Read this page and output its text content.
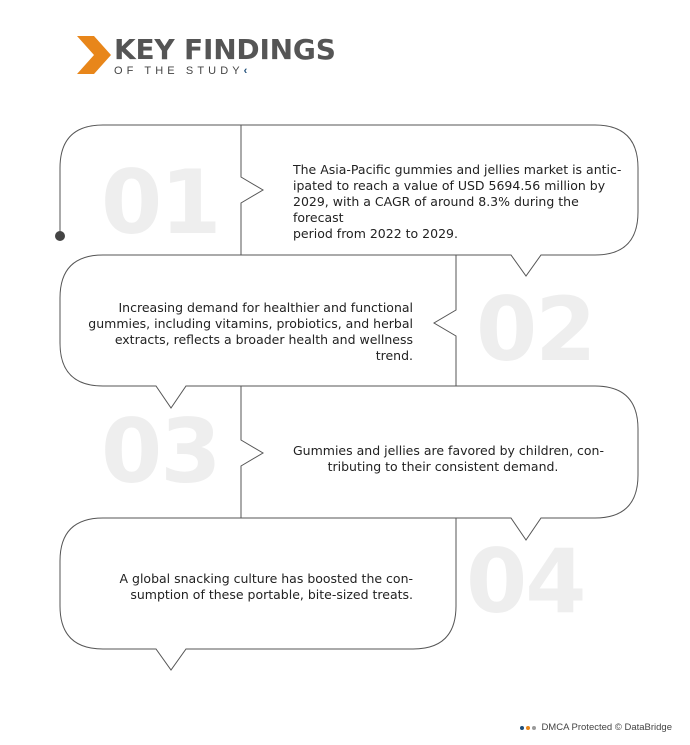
KEY FINDINGS
OF THE STUDY‹
01
02
03
04
The Asia-Pacific gummies and jellies market is antic-
ipated to reach a value of USD 5694.56 million by
2029, with a CAGR of around 8.3% during the forecast
period from 2022 to 2029.
Increasing demand for healthier and functional
gummies, including vitamins, probiotics, and herbal
extracts, reflects a broader health and wellness
trend.
Gummies and jellies are favored by children, con-
tributing to their consistent demand.
A global snacking culture has boosted the con-
sumption of these portable, bite-sized treats.
DMCA Protected © DataBridge
